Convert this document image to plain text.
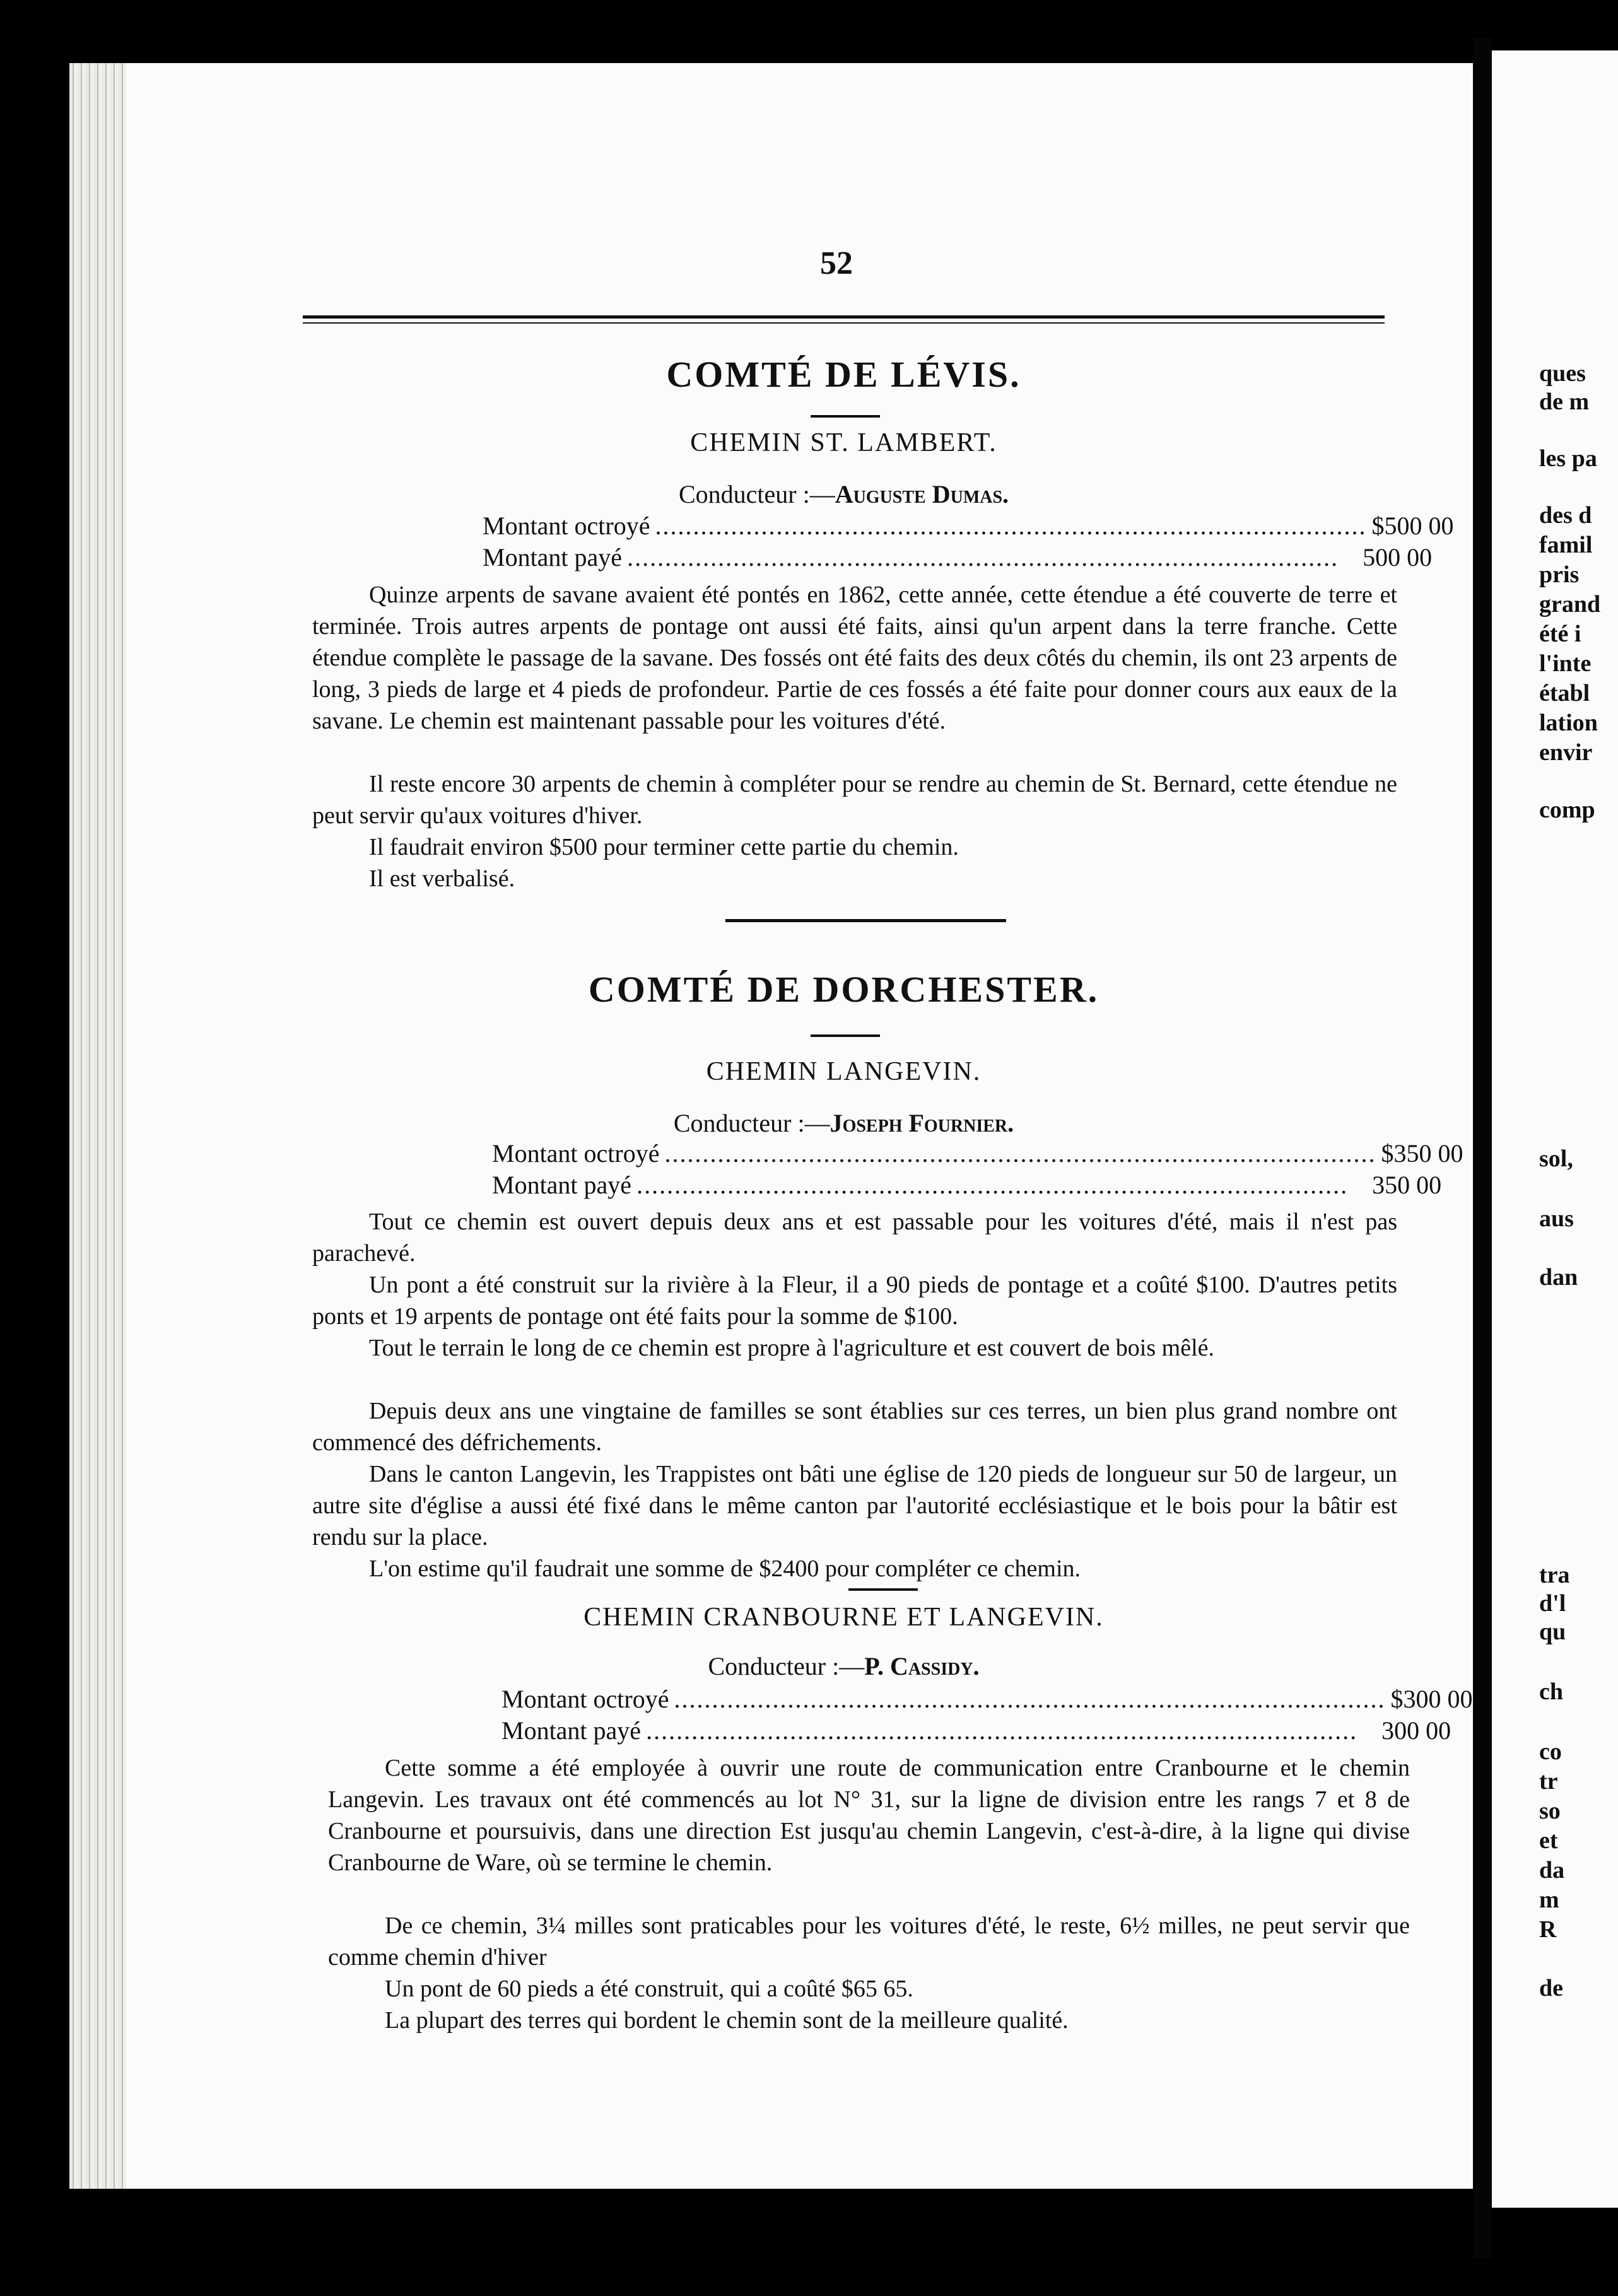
52
COMTÉ DE LÉVIS.
CHEMIN ST. LAMBERT.
Conducteur :—Auguste Dumas.
Montant octroyé .............................................................................................. $500 00
Montant payé .............................................................................................. 500 00
Quinze arpents de savane avaient été pontés en 1862, cette année, cette étendue a été couverte de terre et terminée. Trois autres arpents de pontage ont aussi été faits, ainsi qu'un arpent dans la terre franche. Cette étendue complète le passage de la savane. Des fossés ont été faits des deux côtés du chemin, ils ont 23 arpents de long, 3 pieds de large et 4 pieds de profondeur. Partie de ces fossés a été faite pour donner cours aux eaux de la savane. Le chemin est maintenant passable pour les voitures d'été.
Il reste encore 30 arpents de chemin à compléter pour se rendre au chemin de St. Bernard, cette étendue ne peut servir qu'aux voitures d'hiver.
Il faudrait environ $500 pour terminer cette partie du chemin.
Il est verbalisé.
COMTÉ DE DORCHESTER.
CHEMIN LANGEVIN.
Conducteur :—Joseph Fournier.
Montant octroyé .............................................................................................. $350 00
Montant payé .............................................................................................. 350 00
Tout ce chemin est ouvert depuis deux ans et est passable pour les voitures d'été, mais il n'est pas parachevé.
Un pont a été construit sur la rivière à la Fleur, il a 90 pieds de pontage et a coûté $100. D'autres petits ponts et 19 arpents de pontage ont été faits pour la somme de $100.
Tout le terrain le long de ce chemin est propre à l'agriculture et est couvert de bois mêlé.
Depuis deux ans une vingtaine de familles se sont établies sur ces terres, un bien plus grand nombre ont commencé des défrichements.
Dans le canton Langevin, les Trappistes ont bâti une église de 120 pieds de longueur sur 50 de largeur, un autre site d'église a aussi été fixé dans le même canton par l'autorité ecclésiastique et le bois pour la bâtir est rendu sur la place.
L'on estime qu'il faudrait une somme de $2400 pour compléter ce chemin.
CHEMIN CRANBOURNE ET LANGEVIN.
Conducteur :—P. Cassidy.
Montant octroyé .............................................................................................. $300 00
Montant payé .............................................................................................. 300 00
Cette somme a été employée à ouvrir une route de communication entre Cranbourne et le chemin Langevin. Les travaux ont été commencés au lot N° 31, sur la ligne de division entre les rangs 7 et 8 de Cranbourne et poursuivis, dans une direction Est jusqu'au chemin Langevin, c'est-à-dire, à la ligne qui divise Cranbourne de Ware, où se termine le chemin.
De ce chemin, 3¼ milles sont praticables pour les voitures d'été, le reste, 6½ milles, ne peut servir que comme chemin d'hiver
Un pont de 60 pieds a été construit, qui a coûté $65 65.
La plupart des terres qui bordent le chemin sont de la meilleure qualité.
ques
de m
les pa
des d
famil
pris
grand
été i
l'inte
établ
lation
envir
comp
sol,
aus
dan
tra
d'l
qu
ch
co
tr
so
et
da
m
R
de
